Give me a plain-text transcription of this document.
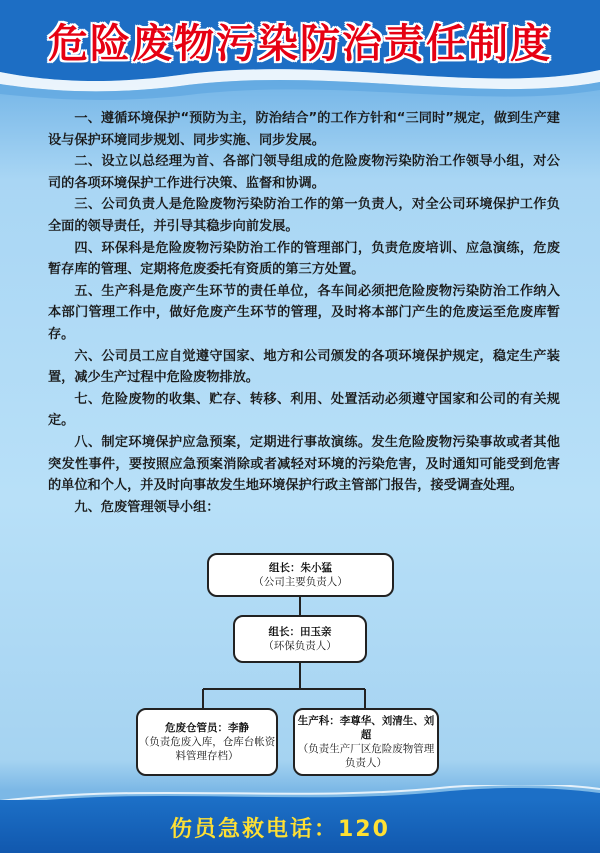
危险废物污染防治责任制度

一、遵循环境保护“预防为主，防治结合”的工作方针和“三同时”规定，做到生产建设与保护环境同步规划、同步实施、同步发展。

二、设立以总经理为首、各部门领导组成的危险废物污染防治工作领导小组，对公司的各项环境保护工作进行决策、监督和协调。

三、公司负责人是危险废物污染防治工作的第一负责人，对全公司环境保护工作负全面的领导责任，并引导其稳步向前发展。

四、环保科是危险废物污染防治工作的管理部门，负责危废培训、应急演练，危废暂存库的管理、定期将危废委托有资质的第三方处置。

五、生产科是危废产生环节的责任单位，各车间必须把危险废物污染防治工作纳入本部门管理工作中，做好危废产生环节的管理，及时将本部门产生的危废运至危废库暂存。

六、公司员工应自觉遵守国家、地方和公司颁发的各项环境保护规定，稳定生产装置，减少生产过程中危险废物排放。

七、危险废物的收集、贮存、转移、利用、处置活动必须遵守国家和公司的有关规定。

八、制定环境保护应急预案，定期进行事故演练。发生危险废物污染事故或者其他突发性事件，要按照应急预案消除或者减轻对环境的污染危害，及时通知可能受到危害的单位和个人，并及时向事故发生地环境保护行政主管部门报告，接受调查处理。

九、危废管理领导小组：

组长：朱小猛
（公司主要负责人）
组长：田玉亲
（环保负责人）
危废仓管员：李静
（负责危废入库，仓库台帐资料管理存档）
生产科：李尊华、刘清生、刘超
（负责生产厂区危险废物管理负责人）
伤员急救电话：120
